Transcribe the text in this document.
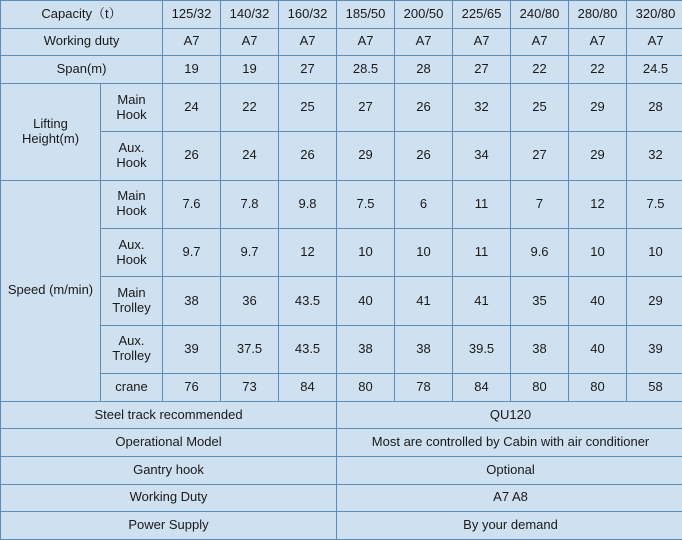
Capacity（t）		125/32	140/32	160/32	185/50	200/50	225/65	240/80	280/80	320/80
Working duty		A7	A7	A7	A7	A7	A7	A7	A7	A7
Span(m)		19	19	27	28.5	28	27	22	22	24.5
Lifting Height(m)	Main Hook	24	22	25	27	26	32	25	29	28
	Aux. Hook	26	24	26	29	26	34	27	29	32
Speed (m/min)	Main Hook	7.6	7.8	9.8	7.5	6	11	7	12	7.5
	Aux. Hook	9.7	9.7	12	10	10	11	9.6	10	10
	Main Trolley	38	36	43.5	40	41	41	35	40	29
	Aux. Trolley	39	37.5	43.5	38	38	39.5	38	40	39
	crane	76	73	84	80	78	84	80	80	58
Steel track recommended					QU120					
Operational Model					Most are controlled by Cabin with air conditioner					
Gantry hook					Optional					
Working Duty					A7 A8					
Power Supply					By your demand					
